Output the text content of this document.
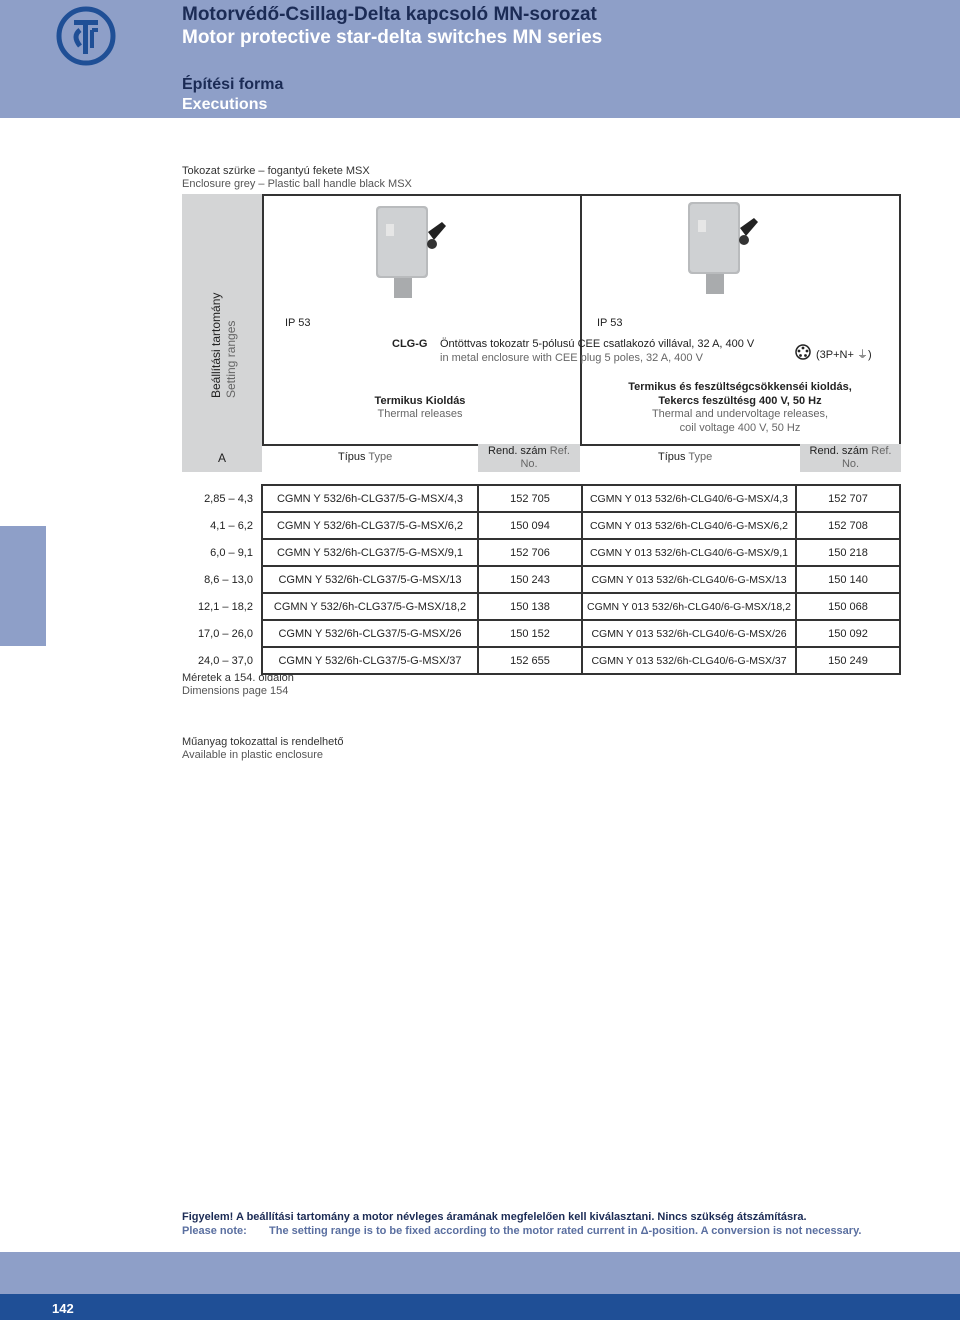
Motorvédő-Csillag-Delta kapcsoló MN-sorozat
Motor protective star-delta switches MN series
Építési forma
Executions
Tokozat szürke – fogantyú fekete MSX
Enclosure grey – Plastic ball handle black MSX
Beállítási tartomány Setting ranges	IP 53	IP 53
CLG-G Öntöttvas tokozatr 5-pólusú CEE csatlakozó villával, 32 A, 400 V
in metal enclosure with CEE plug 5 poles, 32 A, 400 V	(3P+N+ ⏚)
Termikus Kioldás
Thermal releases
Termikus és feszültségcsökkenséi kioldás,
Tekercs feszültésg 400 V, 50 Hz
Thermal and undervoltage releases,
coil voltage 400 V, 50 Hz
A	Típus Type	Rend. szám Ref.
No.
Típus Type	Rend. szám Ref.
No.
2,85 – 4,3	CGMN Y 532/6h-CLG37/5-G-MSX/4,3	152 705	CGMN Y 013 532/6h-CLG40/6-G-MSX/4,3	152 707
4,1 – 6,2	CGMN Y 532/6h-CLG37/5-G-MSX/6,2	150 094	CGMN Y 013 532/6h-CLG40/6-G-MSX/6,2	152 708
6,0 – 9,1	CGMN Y 532/6h-CLG37/5-G-MSX/9,1	152 706	CGMN Y 013 532/6h-CLG40/6-G-MSX/9,1	150 218
8,6 – 13,0	CGMN Y 532/6h-CLG37/5-G-MSX/13	150 243	CGMN Y 013 532/6h-CLG40/6-G-MSX/13	150 140
12,1 – 18,2	CGMN Y 532/6h-CLG37/5-G-MSX/18,2	150 138	CGMN Y 013 532/6h-CLG40/6-G-MSX/18,2	150 068
17,0 – 26,0	CGMN Y 532/6h-CLG37/5-G-MSX/26	150 152	CGMN Y 013 532/6h-CLG40/6-G-MSX/26	150 092
24,0 – 37,0	CGMN Y 532/6h-CLG37/5-G-MSX/37	152 655	CGMN Y 013 532/6h-CLG40/6-G-MSX/37	150 249
Méretek a 154. oldalon
Dimensions page 154
Műanyag tokozattal is rendelhető
Available in plastic enclosure
Figyelem! A beállítási tartomány a motor névleges áramának megfelelően kell kiválasztani. Nincs szükség átszámításra.
Please note: The setting range is to be fixed according to the motor rated current in Δ-position. A conversion is not necessary.
142
